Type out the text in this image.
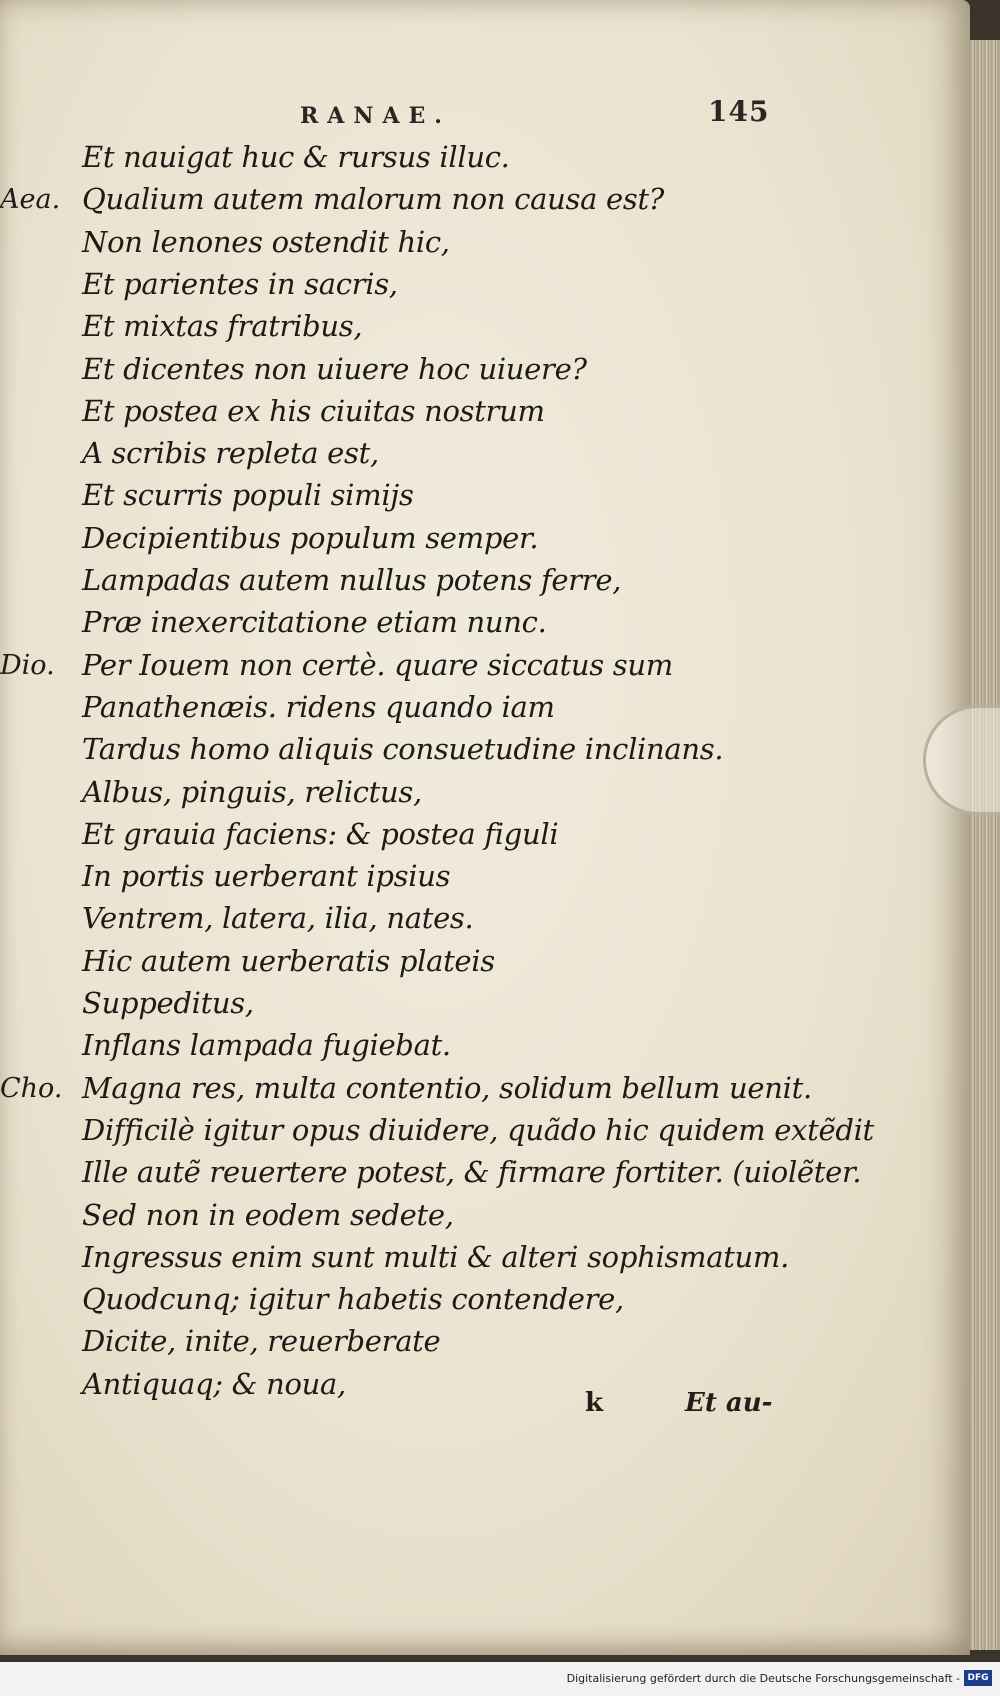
RANAE.	145
Et nauigat huc & rursus illuc.
Aea. Qualium autem malorum non causa est?
Non lenones ostendit hic,
Et parientes in sacris,
Et mixtas fratribus,
Et dicentes non uiuere hoc uiuere?
Et postea ex his ciuitas nostrum
A scribis repleta est,
Et scurris populi simijs
Decipientibus populum semper.
Lampadas autem nullus potens ferre,
Præ inexercitatione etiam nunc.
Dio. Per Iouem non certè. quare siccatus sum
Panathenæis. ridens quando iam
Tardus homo aliquis consuetudine inclinans.
Albus, pinguis, relictus,
Et grauia faciens: & postea figuli
In portis uerberant ipsius
Ventrem, latera, ilia, nates.
Hic autem uerberatis plateis
Suppeditus,
Inflans lampada fugiebat.
Cho. Magna res, multa contentio, solidum bellum uenit.
Difficilè igitur opus diuidere, quãdo hic quidem extẽdit
Ille autẽ reuertere potest, & firmare fortiter. (uiolẽter.
Sed non in eodem sedete,
Ingressus enim sunt multi & alteri sophismatum.
Quodcunq; igitur habetis contendere,
Dicite, inite, reuerberate
Antiquaq; & noua,
k	Et au-
Digitalisierung gefördert durch die Deutsche Forschungsgemeinschaft - DFG
